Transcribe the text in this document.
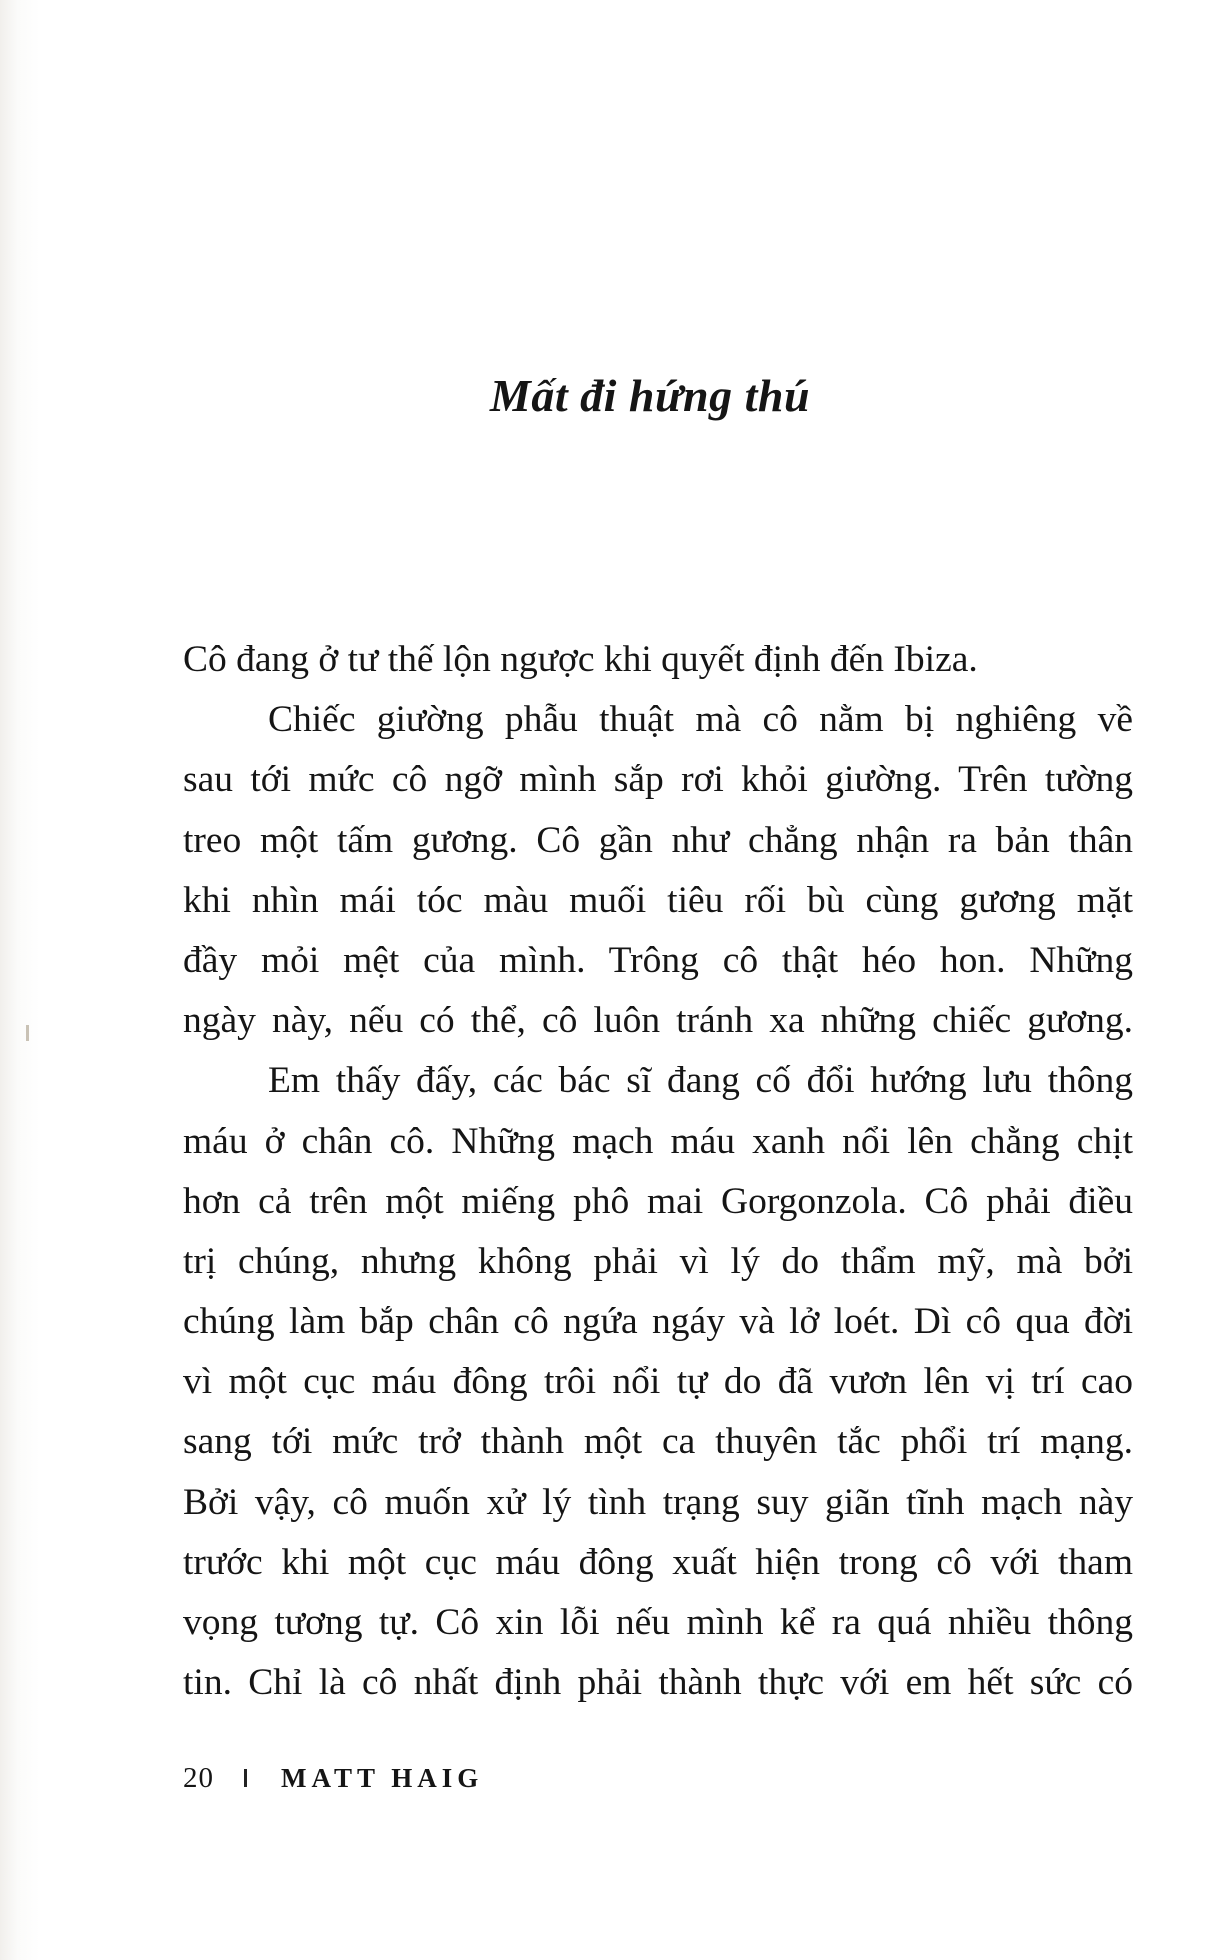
Mất đi hứng thú
Cô đang ở tư thế lộn ngược khi quyết định đến Ibiza.
Chiếc giường phẫu thuật mà cô nằm bị nghiêng về
sau tới mức cô ngỡ mình sắp rơi khỏi giường. Trên tường
treo một tấm gương. Cô gần như chẳng nhận ra bản thân
khi nhìn mái tóc màu muối tiêu rối bù cùng gương mặt
đầy mỏi mệt của mình. Trông cô thật héo hon. Những
ngày này, nếu có thể, cô luôn tránh xa những chiếc gương.
Em thấy đấy, các bác sĩ đang cố đổi hướng lưu thông
máu ở chân cô. Những mạch máu xanh nổi lên chằng chịt
hơn cả trên một miếng phô mai Gorgonzola. Cô phải điều
trị chúng, nhưng không phải vì lý do thẩm mỹ, mà bởi
chúng làm bắp chân cô ngứa ngáy và lở loét. Dì cô qua đời
vì một cục máu đông trôi nổi tự do đã vươn lên vị trí cao
sang tới mức trở thành một ca thuyên tắc phổi trí mạng.
Bởi vậy, cô muốn xử lý tình trạng suy giãn tĩnh mạch này
trước khi một cục máu đông xuất hiện trong cô với tham
vọng tương tự. Cô xin lỗi nếu mình kể ra quá nhiều thông
tin. Chỉ là cô nhất định phải thành thực với em hết sức có
20 MATT HAIG
